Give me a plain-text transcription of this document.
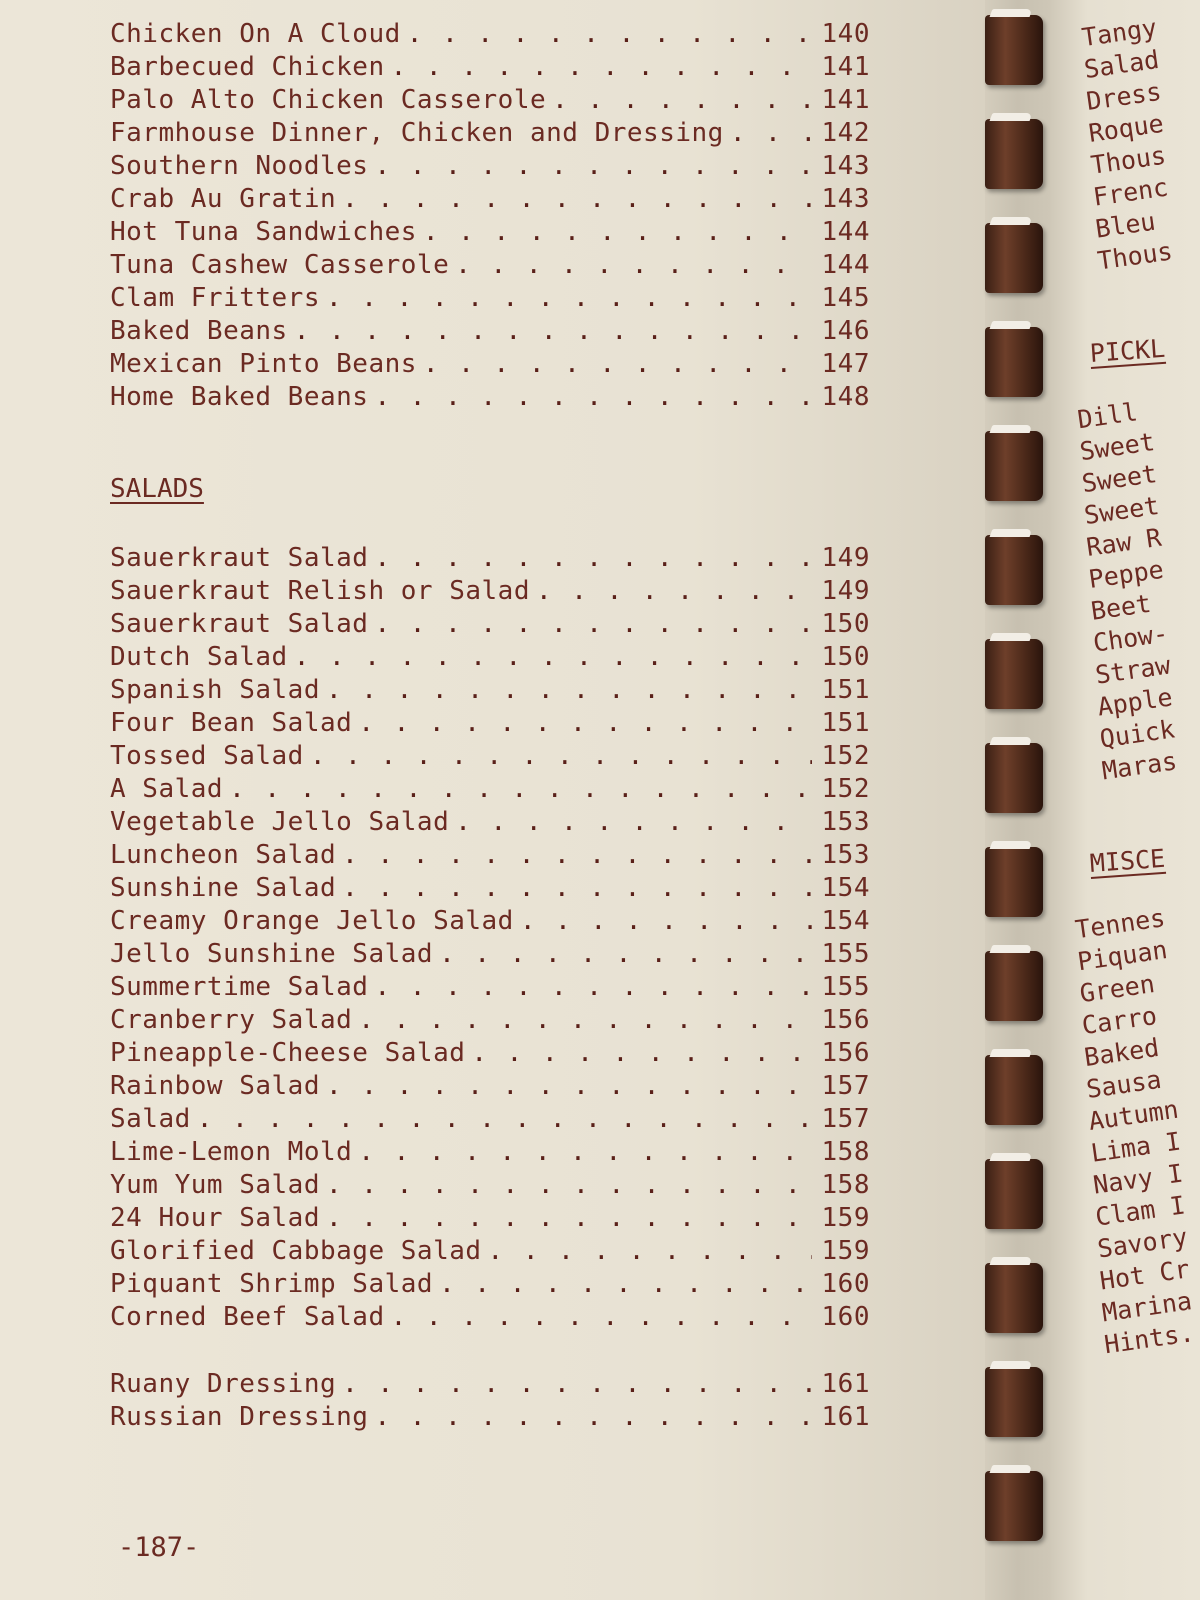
Chicken On A Cloud . . .	140
Barbecued Chicken . . .	141
Palo Alto Chicken Casserole . . .	141
Farmhouse Dinner, Chicken and Dressing . . .	142
Southern Noodles . . .	143
Crab Au Gratin . . .	143
Hot Tuna Sandwiches . . .	144
Tuna Cashew Casserole . . .	144
Clam Fritters . . .	145
Baked Beans . . .	146
Mexican Pinto Beans . . .	147
Home Baked Beans . . .	148
SALADS
Sauerkraut Salad . . .	149
Sauerkraut Relish or Salad . . .	149
Sauerkraut Salad . . .	150
Dutch Salad . . .	150
Spanish Salad . . .	151
Four Bean Salad . . .	151
Tossed Salad . . .	152
A Salad . . .	152
Vegetable Jello Salad . . .	153
Luncheon Salad . . .	153
Sunshine Salad . . .	154
Creamy Orange Jello Salad . . .	154
Jello Sunshine Salad . . .	155
Summertime Salad . . .	155
Cranberry Salad . . .	156
Pineapple-Cheese Salad . . .	156
Rainbow Salad . . .	157
Salad . . .	157
Lime-Lemon Mold . . .	158
Yum Yum Salad . . .	158
24 Hour Salad . . .	159
Glorified Cabbage Salad . . .	159
Piquant Shrimp Salad . . .	160
Corned Beef Salad . . .	160
Ruany Dressing . . .	161
Russian Dressing . . .	161
-187-
Tangy
Salad
Dress
Roque
Thous
Frenc
Bleu
Thous
PICKL
Dill
Sweet
Sweet
Sweet
Raw R
Peppe
Beet
Chow-
Straw
Apple
Quick
Maras
MISCE
Tennes
Piquan
Green
Carro
Baked
Sausa
Autumn
Lima I
Navy I
Clam I
Savory
Hot Cr
Marina
Hints.
